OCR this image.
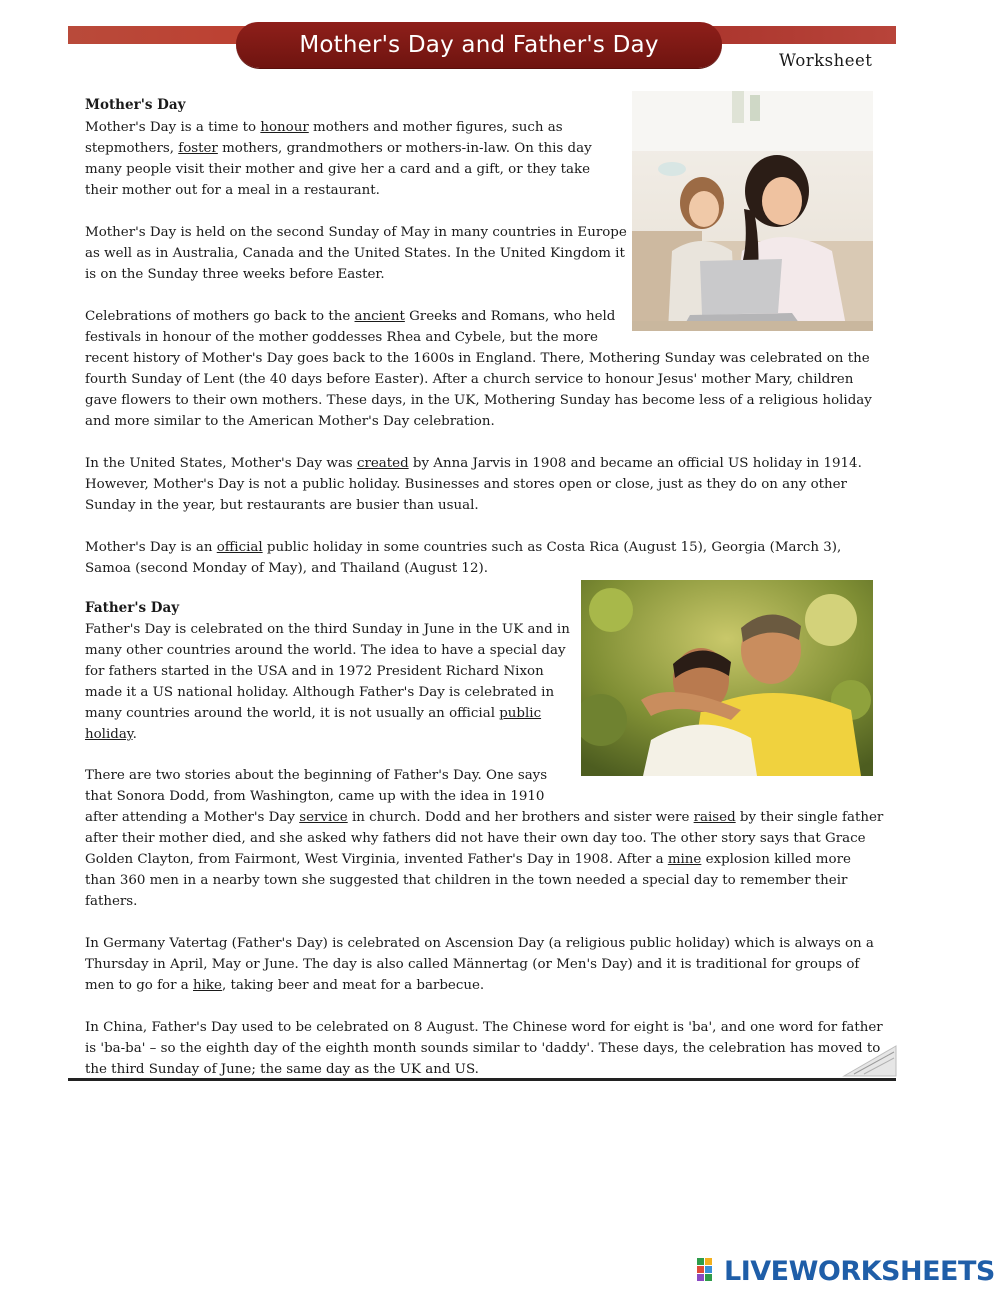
Mother's Day and Father's Day
Worksheet
Mother's Day

Mother's Day is a time to honour mothers and mother figures, such as stepmothers, foster mothers, grandmothers or mothers-in-law. On this day many people visit their mother and give her a card and a gift, or they take their mother out for a meal in a restaurant.

Mother's Day is held on the second Sunday of May in many countries in Europe as well as in Australia, Canada and the United States. In the United Kingdom it is on the Sunday three weeks before Easter.

Celebrations of mothers go back to the ancient Greeks and Romans, who held festivals in honour of the mother goddesses Rhea and Cybele, but the more

recent history of Mother's Day goes back to the 1600s in England. There, Mothering Sunday was celebrated on the fourth Sunday of Lent (the 40 days before Easter). After a church service to honour Jesus' mother Mary, children gave flowers to their own mothers. These days, in the UK, Mothering Sunday has become less of a religious holiday and more similar to the American Mother's Day celebration.

In the United States, Mother's Day was created by Anna Jarvis in 1908 and became an official US holiday in 1914. However, Mother's Day is not a public holiday. Businesses and stores open or close, just as they do on any other Sunday in the year, but restaurants are busier than usual.

Mother's Day is an official public holiday in some countries such as Costa Rica (August 15), Georgia (March 3), Samoa (second Monday of May), and Thailand (August 12).

Father's Day

Father's Day is celebrated on the third Sunday in June in the UK and in many other countries around the world. The idea to have a special day for fathers started in the USA and in 1972 President Richard Nixon made it a US national holiday. Although Father's Day is celebrated in many countries around the world, it is not usually an official public holiday.

There are two stories about the beginning of Father's Day. One says that Sonora Dodd, from Washington, came up with the idea in 1910

after attending a Mother's Day service in church. Dodd and her brothers and sister were raised by their single father after their mother died, and she asked why fathers did not have their own day too. The other story says that Grace Golden Clayton, from Fairmont, West Virginia, invented Father's Day in 1908. After a mine explosion killed more than 360 men in a nearby town she suggested that children in the town needed a special day to remember their fathers.

In Germany Vatertag (Father's Day) is celebrated on Ascension Day (a religious public holiday) which is always on a Thursday in April, May or June. The day is also called Männertag (or Men's Day) and it is traditional for groups of men to go for a hike, taking beer and meat for a barbecue.

In China, Father's Day used to be celebrated on 8 August. The Chinese word for eight is 'ba', and one word for father is 'ba-ba' – so the eighth day of the eighth month sounds similar to 'daddy'. These days, the celebration has moved to the third Sunday of June; the same day as the UK and US.

LIVEWORKSHEETS
